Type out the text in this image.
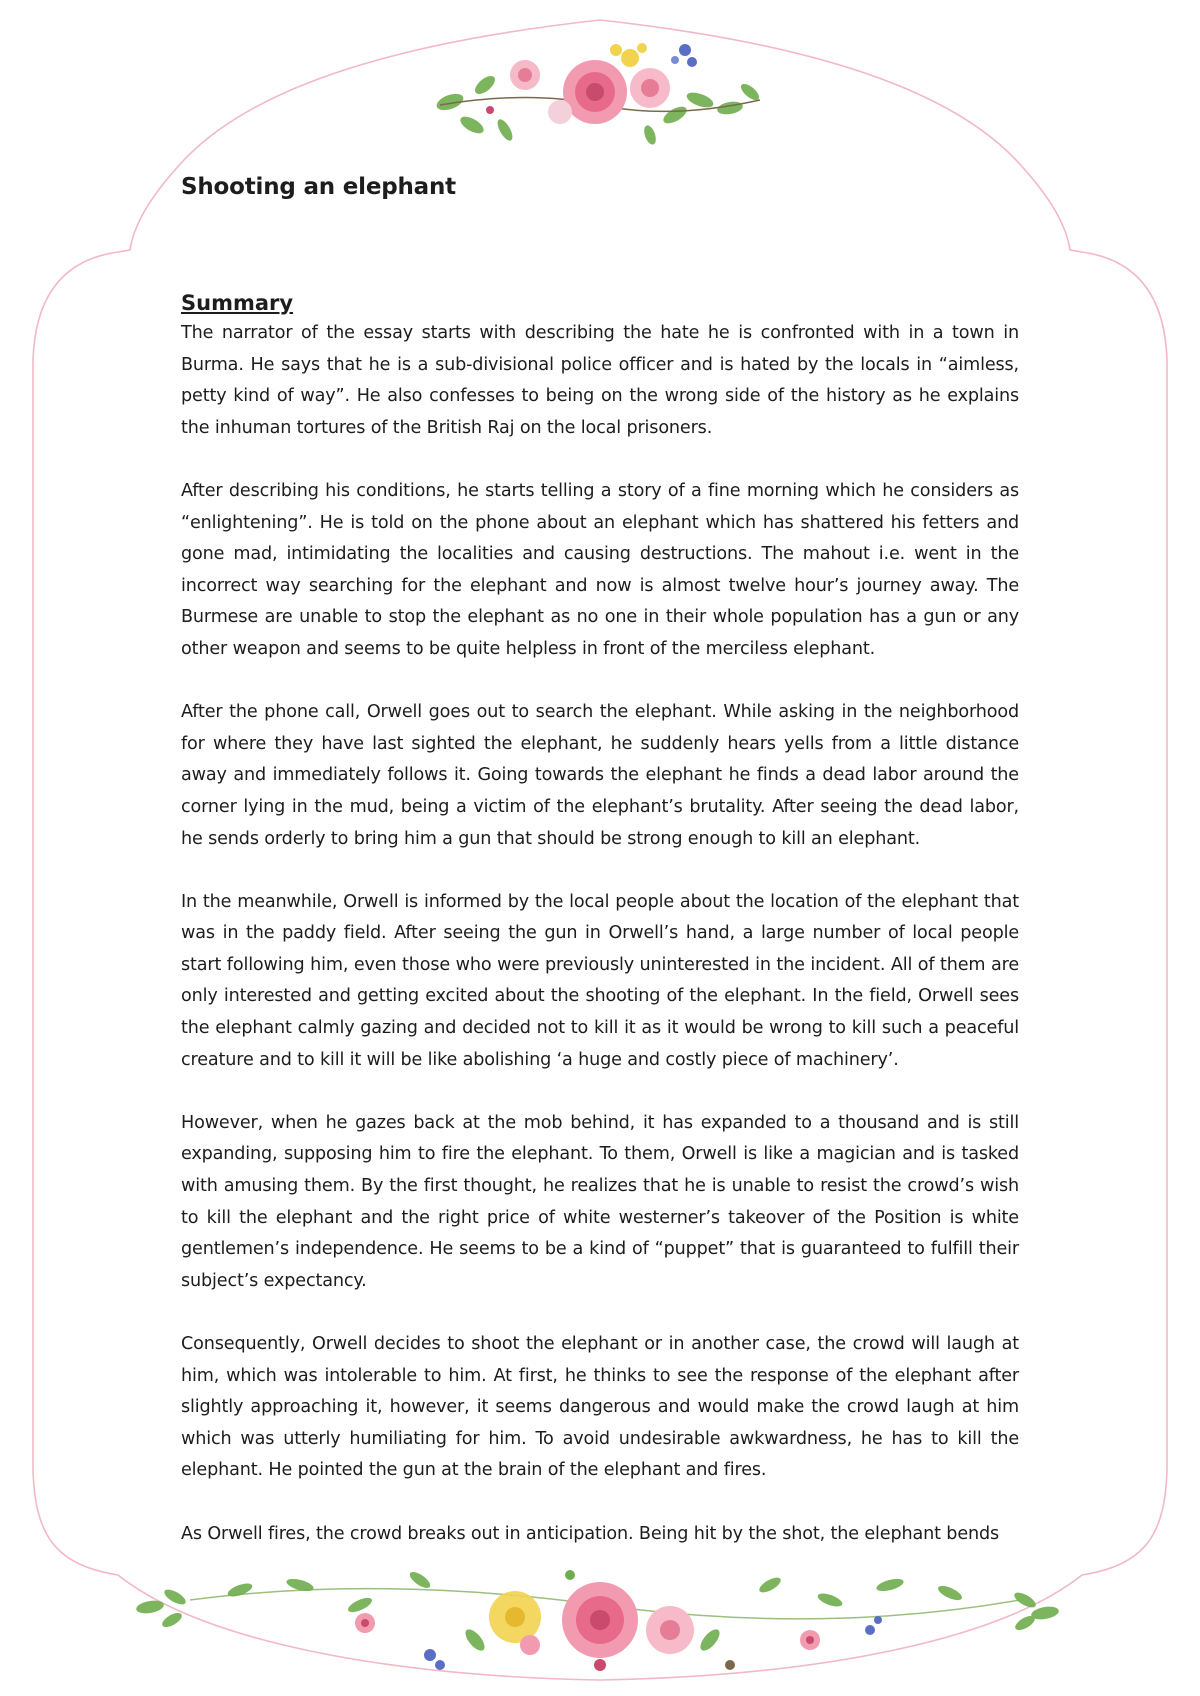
Shooting an elephant
Summary

The narrator of the essay starts with describing the hate he is confronted with in a town in Burma. He says that he is a sub-divisional police officer and is hated by the locals in “aimless, petty kind of way”. He also confesses to being on the wrong side of the history as he explains the inhuman tortures of the British Raj on the local prisoners.

After describing his conditions, he starts telling a story of a fine morning which he considers as “enlightening”. He is told on the phone about an elephant which has shattered his fetters and gone mad, intimidating the localities and causing destructions. The mahout i.e. went in the incorrect way searching for the elephant and now is almost twelve hour’s journey away. The Burmese are unable to stop the elephant as no one in their whole population has a gun or any other weapon and seems to be quite helpless in front of the merciless elephant.

After the phone call, Orwell goes out to search the elephant. While asking in the neighborhood for where they have last sighted the elephant, he suddenly hears yells from a little distance away and immediately follows it. Going towards the elephant he finds a dead labor around the corner lying in the mud, being a victim of the elephant’s brutality. After seeing the dead labor, he sends orderly to bring him a gun that should be strong enough to kill an elephant.

In the meanwhile, Orwell is informed by the local people about the location of the elephant that was in the paddy field. After seeing the gun in Orwell’s hand, a large number of local people start following him, even those who were previously uninterested in the incident. All of them are only interested and getting excited about the shooting of the elephant. In the field, Orwell sees the elephant calmly gazing and decided not to kill it as it would be wrong to kill such a peaceful creature and to kill it will be like abolishing ‘a huge and costly piece of machinery’.

However, when he gazes back at the mob behind, it has expanded to a thousand and is still expanding, supposing him to fire the elephant. To them, Orwell is like a magician and is tasked with amusing them. By the first thought, he realizes that he is unable to resist the crowd’s wish to kill the elephant and the right price of white westerner’s takeover of the Position is white gentlemen’s independence. He seems to be a kind of “puppet” that is guaranteed to fulfill their subject’s expectancy.

Consequently, Orwell decides to shoot the elephant or in another case, the crowd will laugh at him, which was intolerable to him. At first, he thinks to see the response of the elephant after slightly approaching it, however, it seems dangerous and would make the crowd laugh at him which was utterly humiliating for him. To avoid undesirable awkwardness, he has to kill the elephant. He pointed the gun at the brain of the elephant and fires.

As Orwell fires, the crowd breaks out in anticipation. Being hit by the shot, the elephant bends
